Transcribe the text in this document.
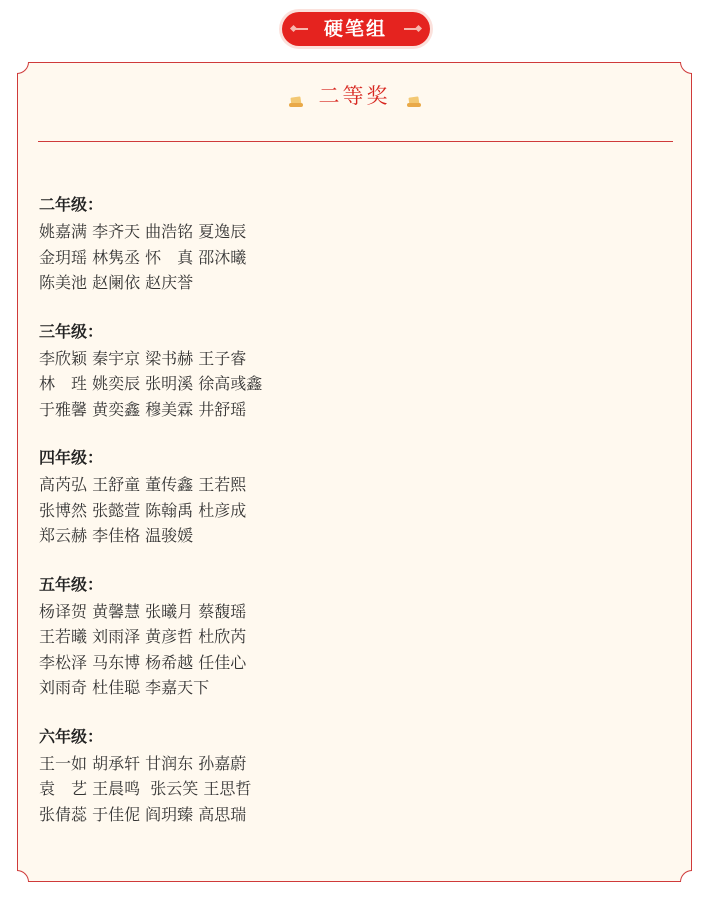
硬笔组
二等奖
二年级：
姚嘉满 李齐天 曲浩铭 夏逸辰
金玥瑶 林隽丞 怀　真 邵沐曦
陈美池 赵阑依 赵庆誉
三年级：
李欣颖 秦宇京 梁书赫 王子睿
林　珄 姚奕辰 张明溪 徐高彧鑫
于雅馨 黄奕鑫 穆美霖 井舒瑶
四年级：
高芮弘 王舒童 董传鑫 王若熙
张博然 张懿萱 陈翰禹 杜彦成
郑云赫 李佳格 温骏媛
五年级：
杨译贺 黄馨慧 张曦月 蔡馥瑶
王若曦 刘雨泽 黄彦哲 杜欣芮
李松泽 马东博 杨希越 任佳心
刘雨奇 杜佳聪 李嘉天下
六年级：
王一如 胡承轩 甘润东 孙嘉蔚
袁　艺 王晨鸣  张云笑 王思哲
张倩蕊 于佳伲 阎玥臻 高思瑞
